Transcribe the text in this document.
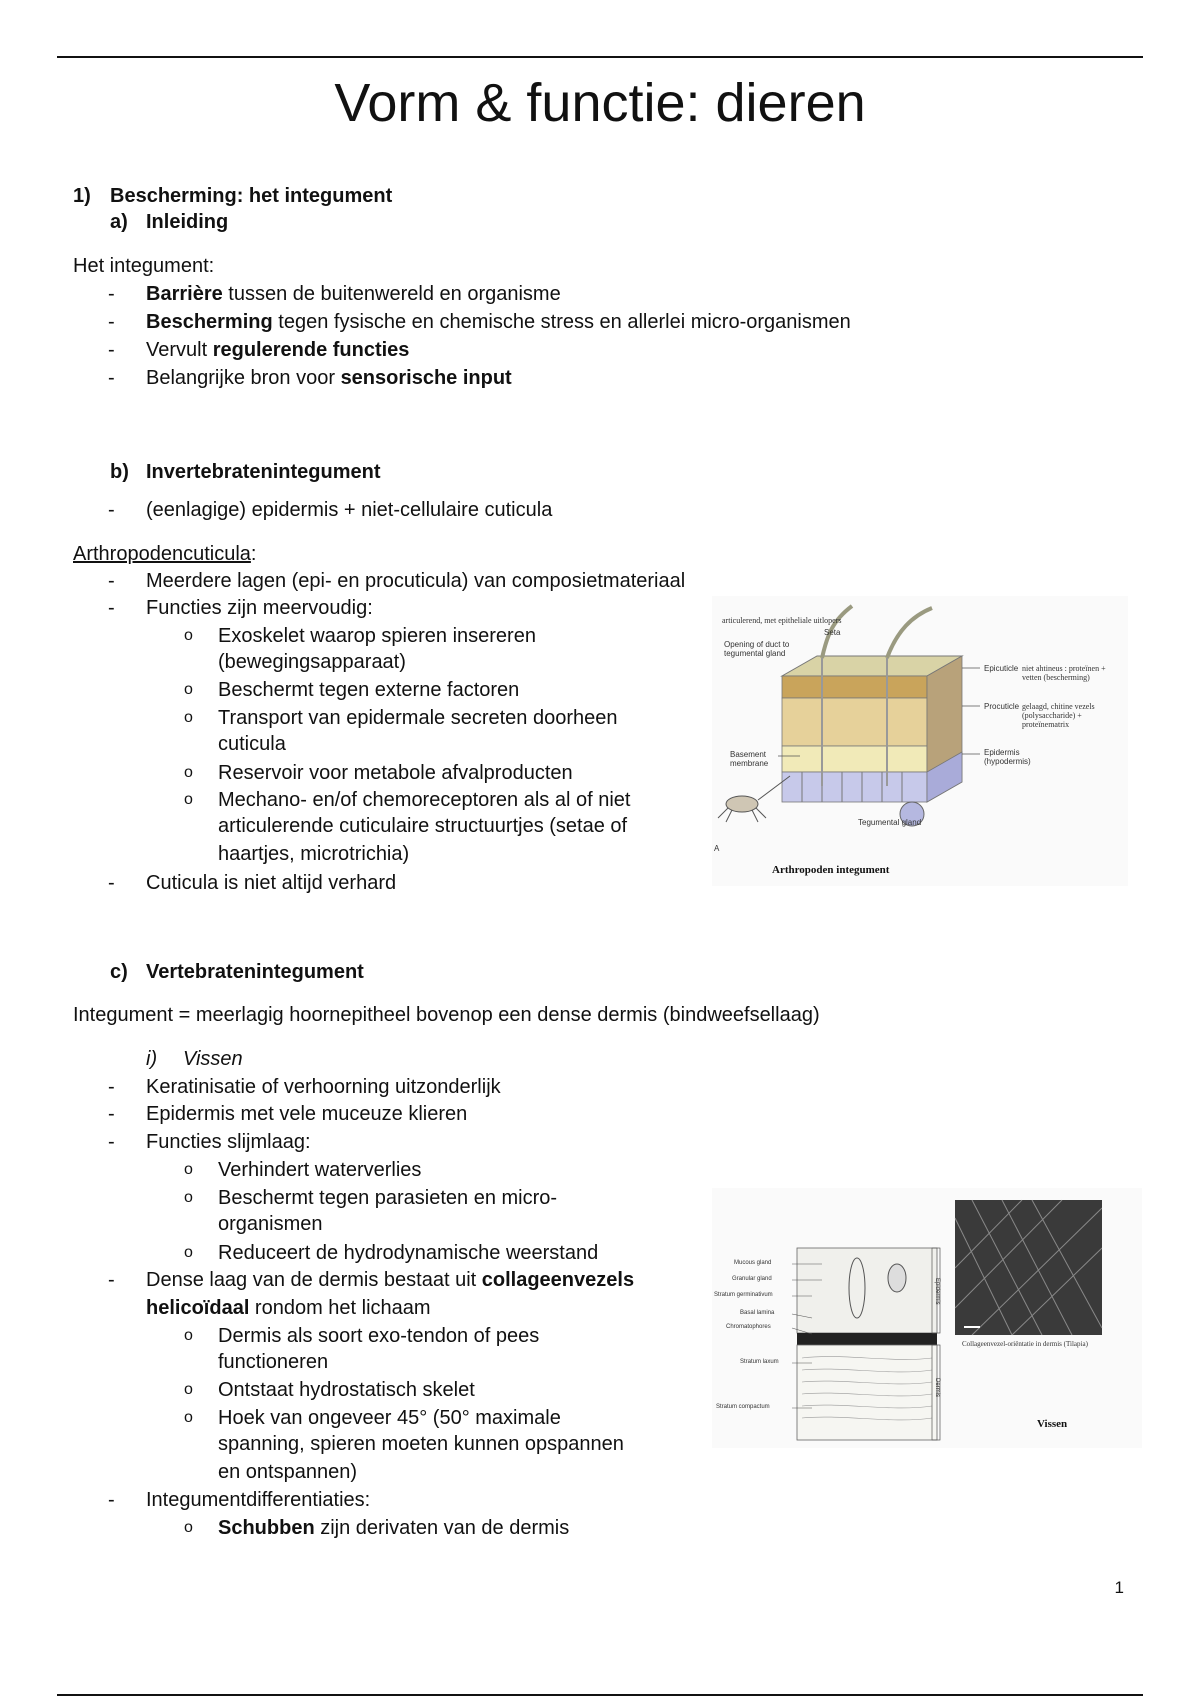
Vorm & functie: dieren
1) Bescherming: het integument
a) Inleiding
Het integument:
- Barrière tussen de buitenwereld en organisme
- Bescherming tegen fysische en chemische stress en allerlei micro-organismen
- Vervult regulerende functies
- Belangrijke bron voor sensorische input
b) Invertebratenintegument
- (eenlagige) epidermis + niet-cellulaire cuticula
Arthropodencuticula:
- Meerdere lagen (epi- en procuticula) van composietmateriaal
- Functies zijn meervoudig:
o Exoskelet waarop spieren insereren
(bewegingsapparaat)
o Beschermt tegen externe factoren
o Transport van epidermale secreten doorheen
cuticula
o Reservoir voor metabole afvalproducten
o Mechano- en/of chemoreceptoren als al of niet
articulerende cuticulaire structuurtjes (setae of
haartjes, microtrichia)
- Cuticula is niet altijd verhard
articulerend, met epitheliale uitlopers
Seta
Opening of duct to tegumental gland
Epicuticle niet ahtineus : proteïnen + vetten (bescherming)
Procuticle gelaagd, chitine vezels (polysaccharide) + proteïnematrix
Epidermis (hypodermis)
Basement membrane
Tegumental gland
A
Arthropoden integument
c) Vertebratenintegument
Integument = meerlagig hoornepitheel bovenop een dense dermis (bindweefsellaag)
i) Vissen
- Keratinisatie of verhoorning uitzonderlijk
- Epidermis met vele muceuze klieren
- Functies slijmlaag:
o Verhindert waterverlies
o Beschermt tegen parasieten en micro-
organismen
o Reduceert de hydrodynamische weerstand
- Dense laag van de dermis bestaat uit collageenvezels
helicoïdaal rondom het lichaam
o Dermis als soort exo-tendon of pees
functioneren
o Ontstaat hydrostatisch skelet
o Hoek van ongeveer 45° (50° maximale
spanning, spieren moeten kunnen opspannen
en ontspannen)
- Integumentdifferentiaties:
o Schubben zijn derivaten van de dermis
Mucous gland
Granular gland
Stratum germinativum
Basal lamina
Chromatophores
Stratum laxum
Stratum compactum
Epidermis
Dermis
Collageenvezel-oriëntatie in dermis (Tilapia)
Vissen
1
